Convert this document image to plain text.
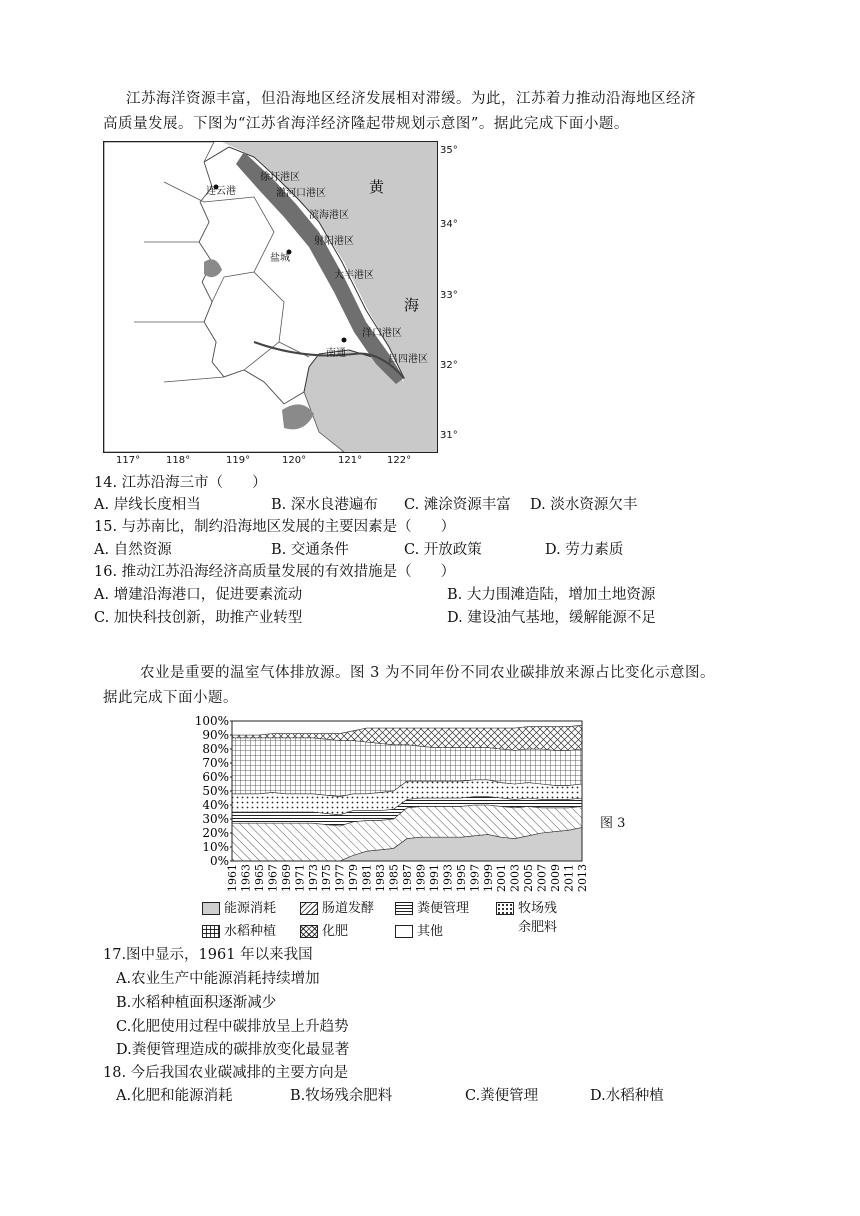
江苏海洋资源丰富，但沿海地区经济发展相对滞缓。为此，江苏着力推动沿海地区经济
高质量发展。下图为“江苏省海洋经济隆起带规划示意图”。据此完成下面小题。
黄
海
连云港
盐城
南通
徐圩港区
灌河口港区
滨海港区
射阳港区
大丰港区
洋口港区
吕四港区
35°
34°
33°
32°
31°
117°	118°	119°	120°	121° 122°
14. 江苏沿海三市（　　）
A. 岸线长度相当	B. 深水良港遍布 C. 滩涂资源丰富 D. 淡水资源欠丰
15. 与苏南比，制约沿海地区发展的主要因素是（　　）
A. 自然资源	B. 交通条件	C. 开放政策	D. 劳力素质
16. 推动江苏沿海经济高质量发展的有效措施是（　　）
A. 增建沿海港口，促进要素流动	B. 大力围滩造陆，增加土地资源
C. 加快科技创新，助推产业转型	D. 建设油气基地，缓解能源不足
农业是重要的温室气体排放源。图 3 为不同年份不同农业碳排放来源占比变化示意图。
据此完成下面小题。
0%
10%
20%
30%
40%
50%
60%
70%
80%
90%
100%
1961 1963 1965 1967 1969 1971 1973 1975 1977 1979 1981 1983 1985 1987 1989 1991 1993 1995 1997 1999 2001 2003 2005 2007 2009 2011 2013
图 3
能源消耗	肠道发酵	粪便管理	牧场残
余肥料
水稻种植	化肥	其他
17.图中显示，1961 年以来我国
A.农业生产中能源消耗持续增加
B.水稻种植面积逐渐减少
C.化肥使用过程中碳排放呈上升趋势
D.粪便管理造成的碳排放变化最显著
18. 今后我国农业碳减排的主要方向是
A.化肥和能源消耗	B.牧场残余肥料	C.粪便管理	D.水稻种植
